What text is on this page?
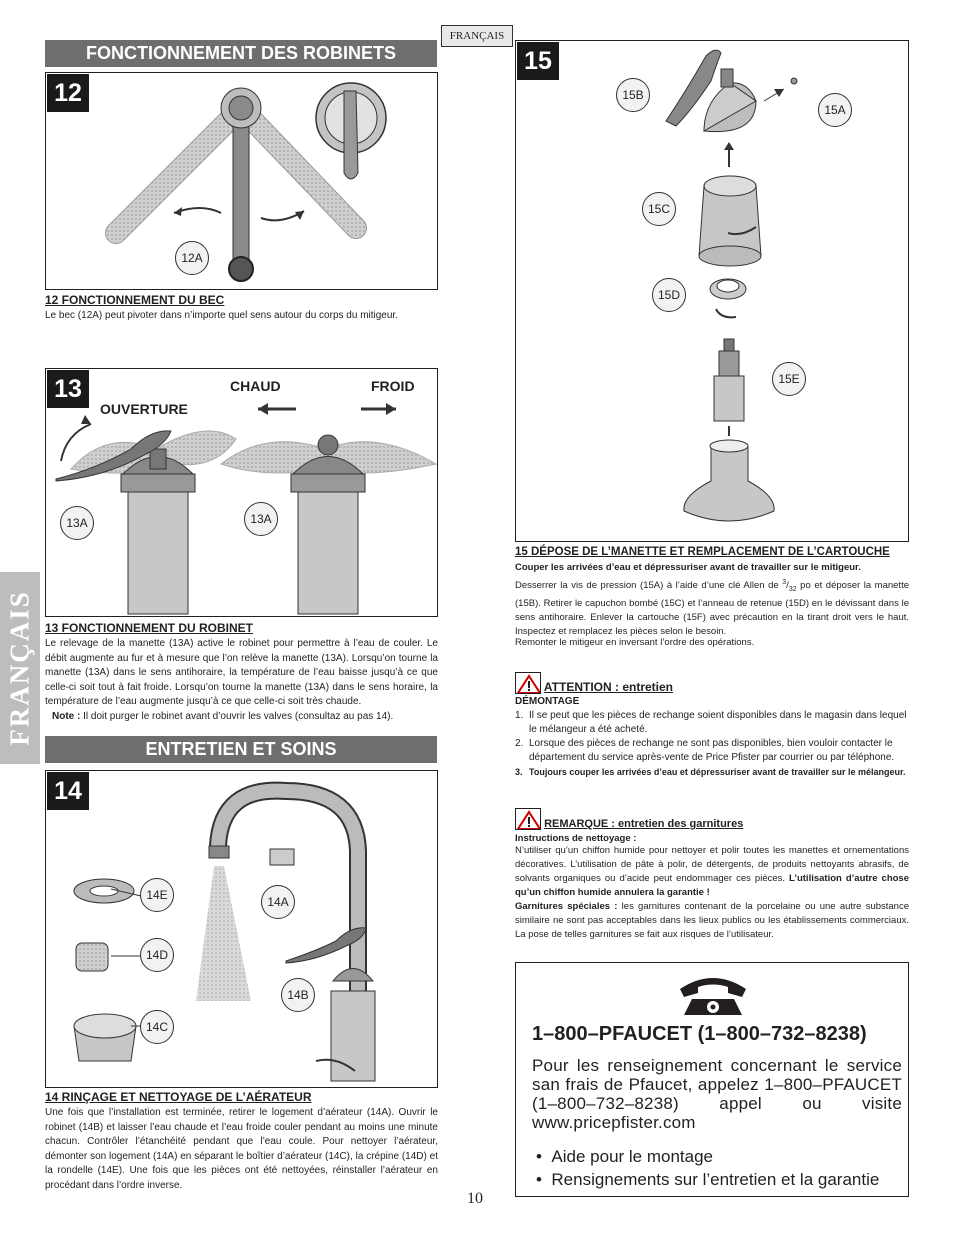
FRANÇAIS
FRANÇAIS
FONCTIONNEMENT DES ROBINETS
12
12A
12 FONCTIONNEMENT DU BEC
Le bec (12A) peut pivoter dans n’importe quel sens autour du corps du mitigeur.
13
OUVERTURE
CHAUD	FROID
13A	13A
13 FONCTIONNEMENT DU ROBINET
Le relevage de la manette (13A) active le robinet pour permettre à l’eau de couler. Le débit augmente au fur et à mesure que l’on relève la manette (13A). Lorsqu’on tourne la manette (13A) dans le sens antihoraire, la température de l’eau baisse jusqu’à ce que celle-ci soit tout à fait froide. Lorsqu’on tourne la manette (13A) dans le sens horaire, la température de l’eau augmente jusqu’à ce que celle-ci soit très chaude.
Note : Il doit purger le robinet avant d’ouvrir les valves (consultaz au pas 14).
ENTRETIEN ET SOINS
14
14E	14A
14D
14B
14C
14 RINÇAGE ET NETTOYAGE DE L’AÉRATEUR
Une fois que l’installation est terminée, retirer le logement d’aérateur (14A). Ouvrir le robinet (14B) et laisser l’eau chaude et l’eau froide couler pendant au moins une minute chacun. Contrôler l’étanchéité pendant que l’eau coule. Pour nettoyer l’aérateur, démonter son logement (14A) en séparant le boîtier d’aérateur (14C), la crépine (14D) et la rondelle (14E). Une fois que les pièces ont été nettoyées, réinstaller l’aérateur en procédant dans l’ordre inverse.
15
15B
15A
15C
15D
15E
15 DÉPOSE DE L’MANETTE ET REMPLACEMENT DE L’CARTOUCHE
Couper les arrivées d’eau et dépressuriser avant de travailler sur le mitigeur.
Desserrer la vis de pression (15A) à l’aide d’une clé Allen de $^3/_{32}$ po et déposer la manette (15B). Retirer le capuchon bombé (15C) et l’anneau de retenue (15D) en le dévissant dans le sens antihoraire. Enlever la cartouche (15F) avec précaution en la tirant droit vers le haut. Inspectez et remplacez les pièces selon le besoin.
Remonter le mitigeur en inversant l’ordre des opérations.
ATTENTION : entretien
DÉMONTAGE
1. Il se peut que les pièces de rechange soient disponibles dans le magasin dans lequel le mélangeur a été acheté.
2. Lorsque des pièces de rechange ne sont pas disponibles, bien vouloir contacter le département du service après-vente de Price Pfister par courrier ou par téléphone.
3. Toujours couper les arrivées d’eau et dépressuriser avant de travailler sur le mélangeur.
REMARQUE : entretien des garnitures
Instructions de nettoyage :
N’utiliser qu’un chiffon humide pour nettoyer et polir toutes les manettes et ornementations décoratives. L’utilisation de pâte à polir, de détergents, de produits nettoyants abrasifs, de solvants organiques ou d’acide peut endommager ces pièces. L’utilisation d’autre chose qu’un chiffon humide annulera la garantie !
Garnitures spéciales : les garnitures contenant de la porcelaine ou une autre substance similaire ne sont pas acceptables dans les lieux publics ou les établissements commerciaux. La pose de telles garnitures se fait aux risques de l’utilisateur.
1–800–PFAUCET (1–800–732–8238)
Pour les renseignement concernant le service san frais de Pfaucet, appelez 1–800–PFAUCET (1–800–732–8238) appel ou visite www.pricepfister.com
•  Aide pour le montage
•  Rensignements sur l’entretien et la garantie
10
